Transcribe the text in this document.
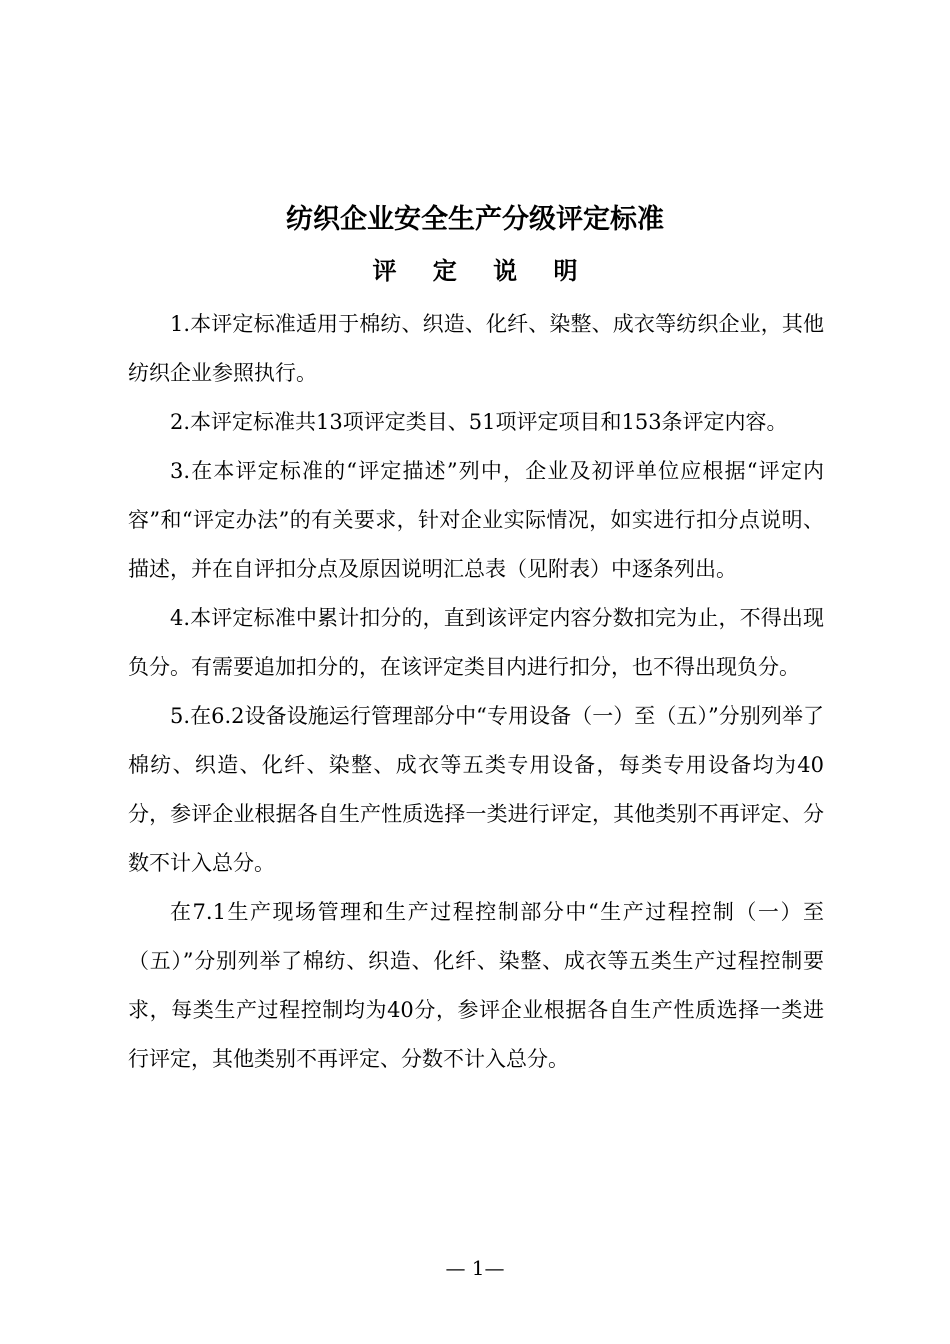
纺织企业安全生产分级评定标准
评 定 说 明

1.本评定标准适用于棉纺、织造、化纤、染整、成衣等纺织企业，其他纺织企业参照执行。

2.本评定标准共13项评定类目、51项评定项目和153条评定内容。

3.在本评定标准的“评定描述”列中，企业及初评单位应根据“评定内容”和“评定办法”的有关要求，针对企业实际情况，如实进行扣分点说明、描述，并在自评扣分点及原因说明汇总表（见附表）中逐条列出。

4.本评定标准中累计扣分的，直到该评定内容分数扣完为止，不得出现负分。有需要追加扣分的，在该评定类目内进行扣分，也不得出现负分。

5.在6.2设备设施运行管理部分中“专用设备（一）至（五）”分别列举了棉纺、织造、化纤、染整、成衣等五类专用设备，每类专用设备均为40分，参评企业根据各自生产性质选择一类进行评定，其他类别不再评定、分数不计入总分。

在7.1生产现场管理和生产过程控制部分中“生产过程控制（一）至（五）”分别列举了棉纺、织造、化纤、染整、成衣等五类生产过程控制要求，每类生产过程控制均为40分，参评企业根据各自生产性质选择一类进行评定，其他类别不再评定、分数不计入总分。

— 1—
